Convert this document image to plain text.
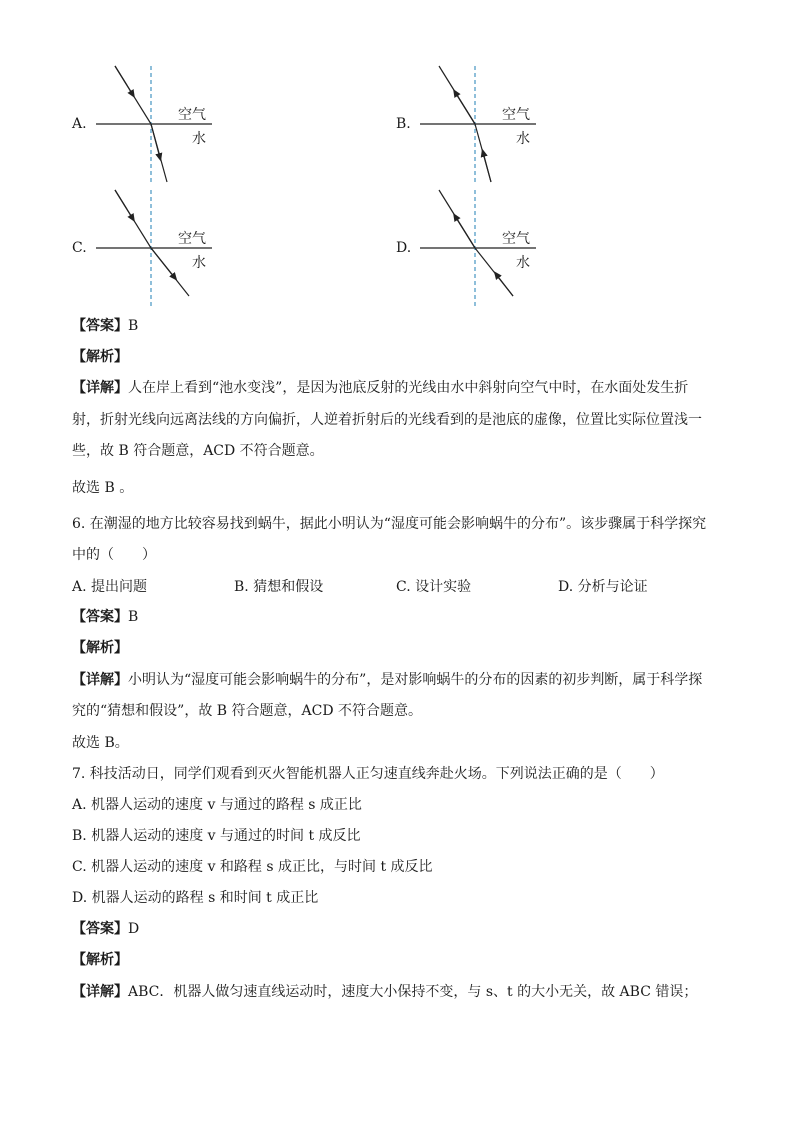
A.
空气
水
B.
空气
水
C.
空气
水
D.
空气
水
【答案】B
【解析】
【详解】人在岸上看到“池水变浅”，是因为池底反射的光线由水中斜射向空气中时，在水面处发生折
射，折射光线向远离法线的方向偏折，人逆着折射后的光线看到的是池底的虚像，位置比实际位置浅一
些，故 B 符合题意，ACD 不符合题意。
故选 B 。
6. 在潮湿的地方比较容易找到蜗牛，据此小明认为“湿度可能会影响蜗牛的分布”。该步骤属于科学探究
中的（　　）
A. 提出问题	B. 猜想和假设	C. 设计实验	D. 分析与论证
【答案】B
【解析】
【详解】小明认为“湿度可能会影响蜗牛的分布”，是对影响蜗牛的分布的因素的初步判断，属于科学探
究的“猜想和假设”，故 B 符合题意，ACD 不符合题意。
故选 B。
7. 科技活动日，同学们观看到灭火智能机器人正匀速直线奔赴火场。下列说法正确的是（　　）
A. 机器人运动的速度 v 与通过的路程 s 成正比
B. 机器人运动的速度 v 与通过的时间 t 成反比
C. 机器人运动的速度 v 和路程 s 成正比，与时间 t 成反比
D. 机器人运动的路程 s 和时间 t 成正比
【答案】D
【解析】
【详解】ABC．机器人做匀速直线运动时，速度大小保持不变，与 s、t 的大小无关，故 ABC 错误；
